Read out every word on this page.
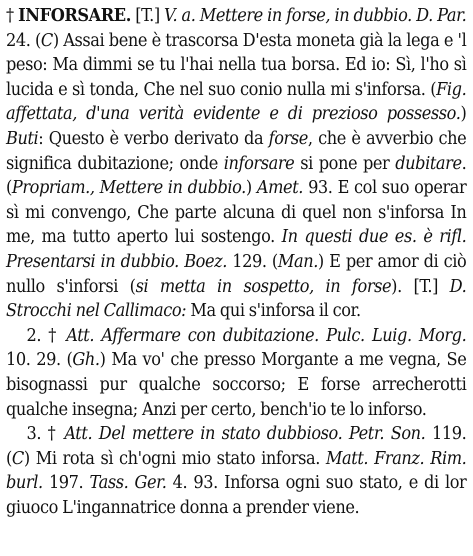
† INFORSARE. [T.] V. a. Mettere in forse, in dubbio. D. Par. 24. (C) Assai bene è trascorsa D'esta moneta già la lega e 'l peso: Ma dimmi se tu l'hai nella tua borsa. Ed io: Sì, l'ho sì lucida e sì tonda, Che nel suo conio nulla mi s'inforsa. (Fig. affettata, d'una verità evidente e di prezioso possesso.) Buti: Questo è verbo derivato da forse, che è avverbio che significa dubitazione; onde inforsare si pone per dubitare. (Propriam., Mettere in dubbio.) Amet. 93. E col suo operar sì mi convengo, Che parte alcuna di quel non s'inforsa In me, ma tutto aperto lui sostengo. In questi due es. è rifl. Presentarsi in dubbio. Boez. 129. (Man.) E per amor di ciò nullo s'inforsi (si metta in sospetto, in forse). [T.] D. Strocchi nel Callimaco: Ma qui s'inforsa il cor.

2. † Att. Affermare con dubitazione. Pulc. Luig. Morg. 10. 29. (Gh.) Ma vo' che presso Morgante a me vegna, Se bisognassi pur qualche soccorso; E forse arrecherotti qualche insegna; Anzi per certo, bench'io te lo inforso.

3. † Att. Del mettere in stato dubbioso. Petr. Son. 119. (C) Mi rota sì ch'ogni mio stato inforsa. Matt. Franz. Rim. burl. 197. Tass. Ger. 4. 93. Inforsa ogni suo stato, e di lor giuoco L'ingannatrice donna a prender viene.
